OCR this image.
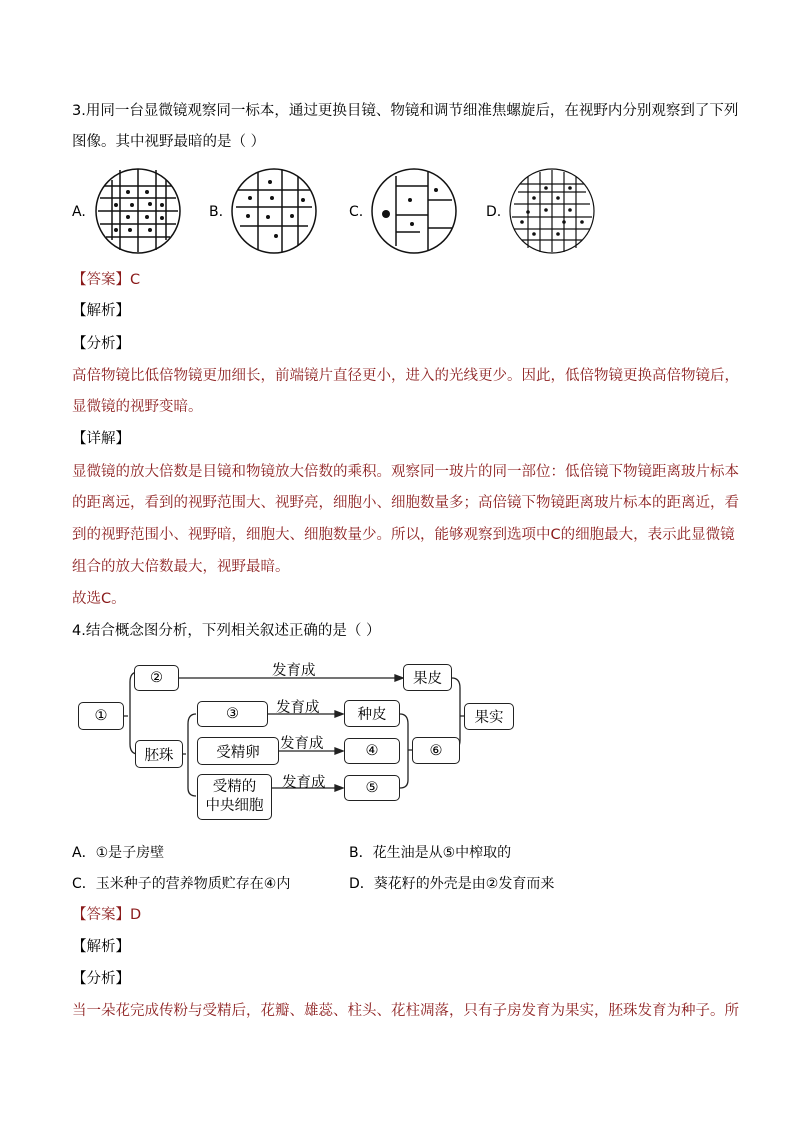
3.用同一台显微镜观察同一标本，通过更换目镜、物镜和调节细准焦螺旋后，在视野内分别观察到了下列
图像。其中视野最暗的是（ ）
A.	B.	C.	D.
【答案】C
【解析】
【分析】
高倍物镜比低倍物镜更加细长，前端镜片直径更小，进入的光线更少。因此，低倍物镜更换高倍物镜后，
显微镜的视野变暗。
【详解】
显微镜的放大倍数是目镜和物镜放大倍数的乘积。观察同一玻片的同一部位：低倍镜下物镜距离玻片标本
的距离远，看到的视野范围大、视野亮，细胞小、细胞数量多；高倍镜下物镜距离玻片标本的距离近，看
到的视野范围小、视野暗，细胞大、细胞数量少。所以，能够观察到选项中C的细胞最大，表示此显微镜
组合的放大倍数最大，视野最暗。
故选C。
4.结合概念图分析，下列相关叙述正确的是（ ）
①
②
胚珠
③
受精卵
受精的
中央细胞
果皮
种皮
④
⑤
⑥
果实
发育成
发育成
发育成
发育成
A．①是子房壁	B．花生油是从⑤中榨取的
C．玉米种子的营养物质贮存在④内	D．葵花籽的外壳是由②发育而来
【答案】D
【解析】
【分析】
当一朵花完成传粉与受精后，花瓣、雄蕊、柱头、花柱凋落，只有子房发育为果实，胚珠发育为种子。所
